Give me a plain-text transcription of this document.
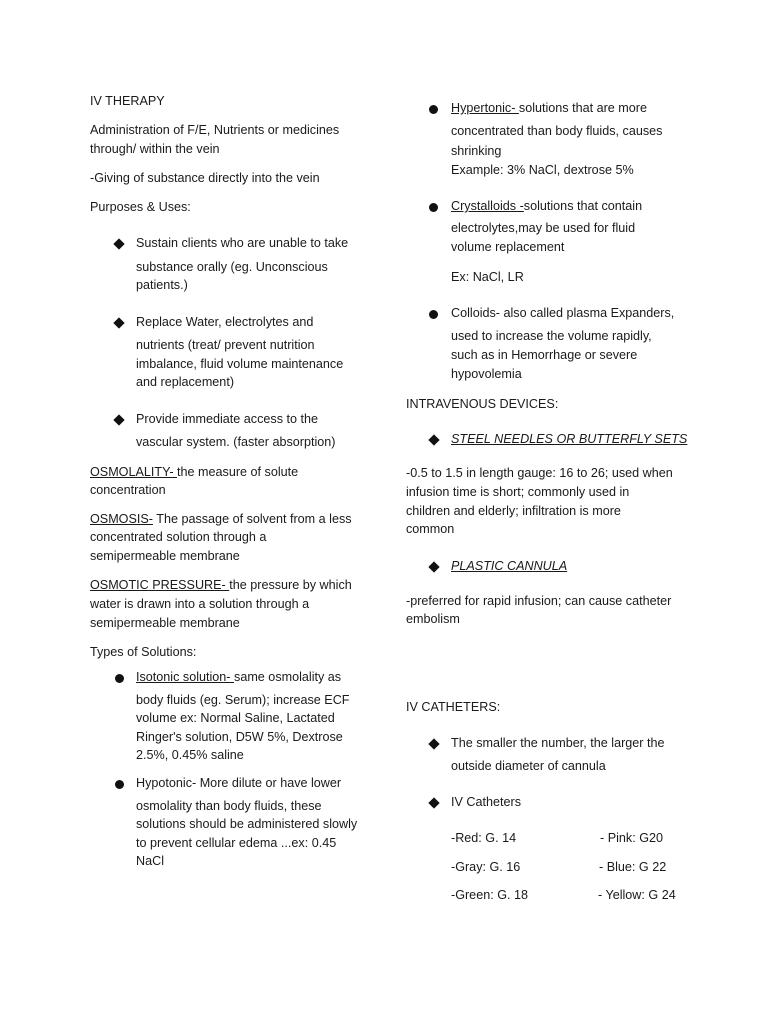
IV THERAPY
Administration of F/E, Nutrients or medicines
through/ within the vein
-Giving of substance directly into the vein
Purposes & Uses:
Sustain clients who are unable to take
substance orally (eg. Unconscious
patients.)
Replace Water, electrolytes and
nutrients (treat/ prevent nutrition
imbalance, fluid volume maintenance
and replacement)
Provide immediate access to the
vascular system. (faster absorption)
OSMOLALITY- the measure of solute
concentration
OSMOSIS- The passage of solvent from a less
concentrated solution through a
semipermeable membrane
OSMOTIC PRESSURE- the pressure by which
water is drawn into a solution through a
semipermeable membrane
Types of Solutions:
Isotonic solution- same osmolality as
body fluids (eg. Serum); increase ECF
volume ex: Normal Saline, Lactated
Ringer's solution, D5W 5%, Dextrose
2.5%, 0.45% saline
Hypotonic- More dilute or have lower
osmolality than body fluids, these
solutions should be administered slowly
to prevent cellular edema ...ex: 0.45
NaCl
Hypertonic- solutions that are more
concentrated than body fluids, causes
shrinking
Example: 3% NaCl, dextrose 5%
Crystalloids -solutions that contain
electrolytes,may be used for fluid
volume replacement
Ex: NaCl, LR
Colloids- also called plasma Expanders,
used to increase the volume rapidly,
such as in Hemorrhage or severe
hypovolemia
INTRAVENOUS DEVICES:
STEEL NEEDLES OR BUTTERFLY SETS
-0.5 to 1.5 in length gauge: 16 to 26; used when
infusion time is short; commonly used in
children and elderly; infiltration is more
common
PLASTIC CANNULA
-preferred for rapid infusion; can cause catheter
embolism
IV CATHETERS:
The smaller the number, the larger the
outside diameter of cannula
IV Catheters
-Red: G. 14	- Pink: G20
-Gray: G. 16	- Blue: G 22
-Green: G. 18	- Yellow: G 24
